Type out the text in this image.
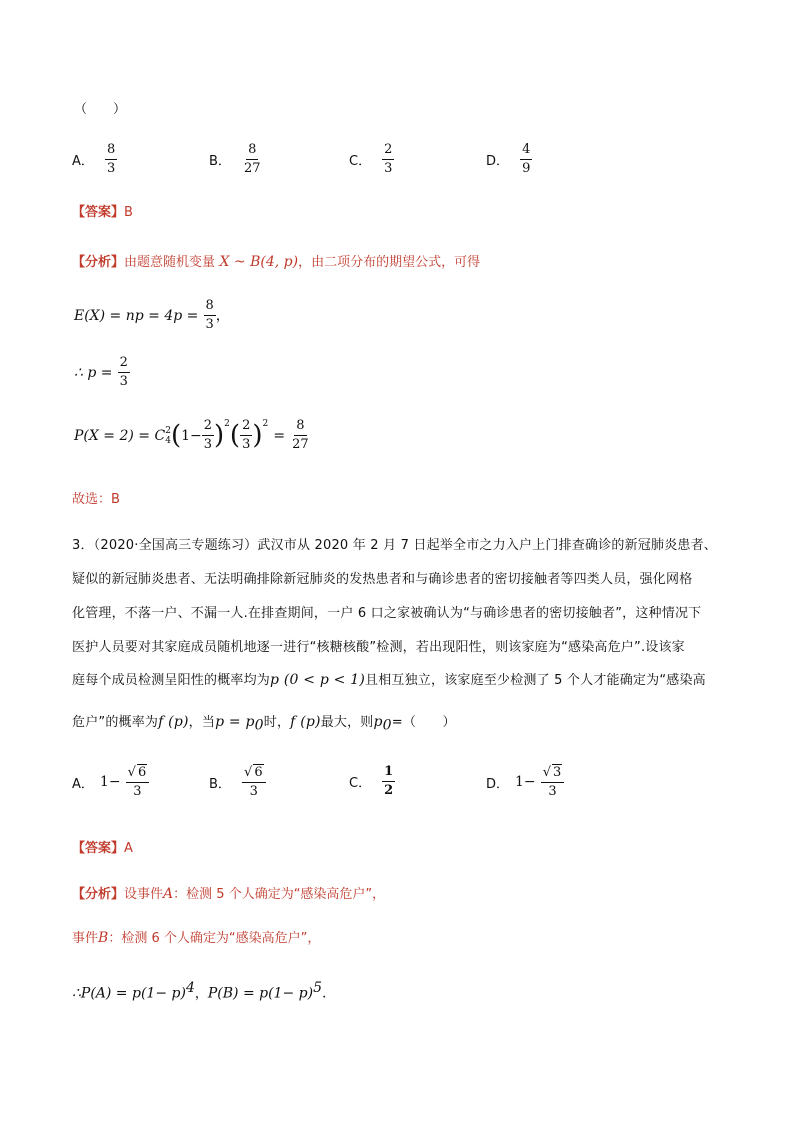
（　　）
A． $\frac{8}{3}$	B． $\frac{8}{27}$	C． $\frac{2}{3}$	D． $\frac{4}{9}$
【答案】B
【分析】由题意随机变量 X ~ B(4, p)，由二项分布的期望公式，可得
E(X) = np = $4p = \frac{8}{3}$ ，
∴ $p = \frac{2}{3}$
P(X = 2) = C 2
4 $(1- \frac{2}{3} )^2( \frac{2}{3} )^2 = \frac{8}{27}$
故选：B
3．（2020·全国高三专题练习）武汉市从 2020 年 2 月 7 日起举全市之力入户上门排查确诊的新冠肺炎患者、
疑似的新冠肺炎患者、无法明确排除新冠肺炎的发热患者和与确诊患者的密切接触者等四类人员，强化网格
化管理，不落一户、不漏一人.在排查期间，一户 6 口之家被确认为“与确诊患者的密切接触者”，这种情况下
医护人员要对其家庭成员随机地逐一进行“核糖核酸”检测，若出现阳性，则该家庭为“感染高危户”.设该家
庭每个成员检测呈阳性的概率均为p (0 < p < 1)且相互独立，该家庭至少检测了 5 个人才能确定为“感染高
危户”的概率为f (p)，当$p = p_0$时，f (p)最大，则$p_0=$（　　）
A． $1- \frac{√ 6}{3}$	B． $\frac{√ 6}{3}$	C． $\frac{1}{2}$	D． $1- \frac{√ 3}{3}$
【答案】A
【分析】设事件A：检测 5 个人确定为“感染高危户”，
事件B：检测 6 个人确定为“感染高危户”，
∴P(A) = $p(1- p)^4$，$P(B) = p(1- p)^5$.
